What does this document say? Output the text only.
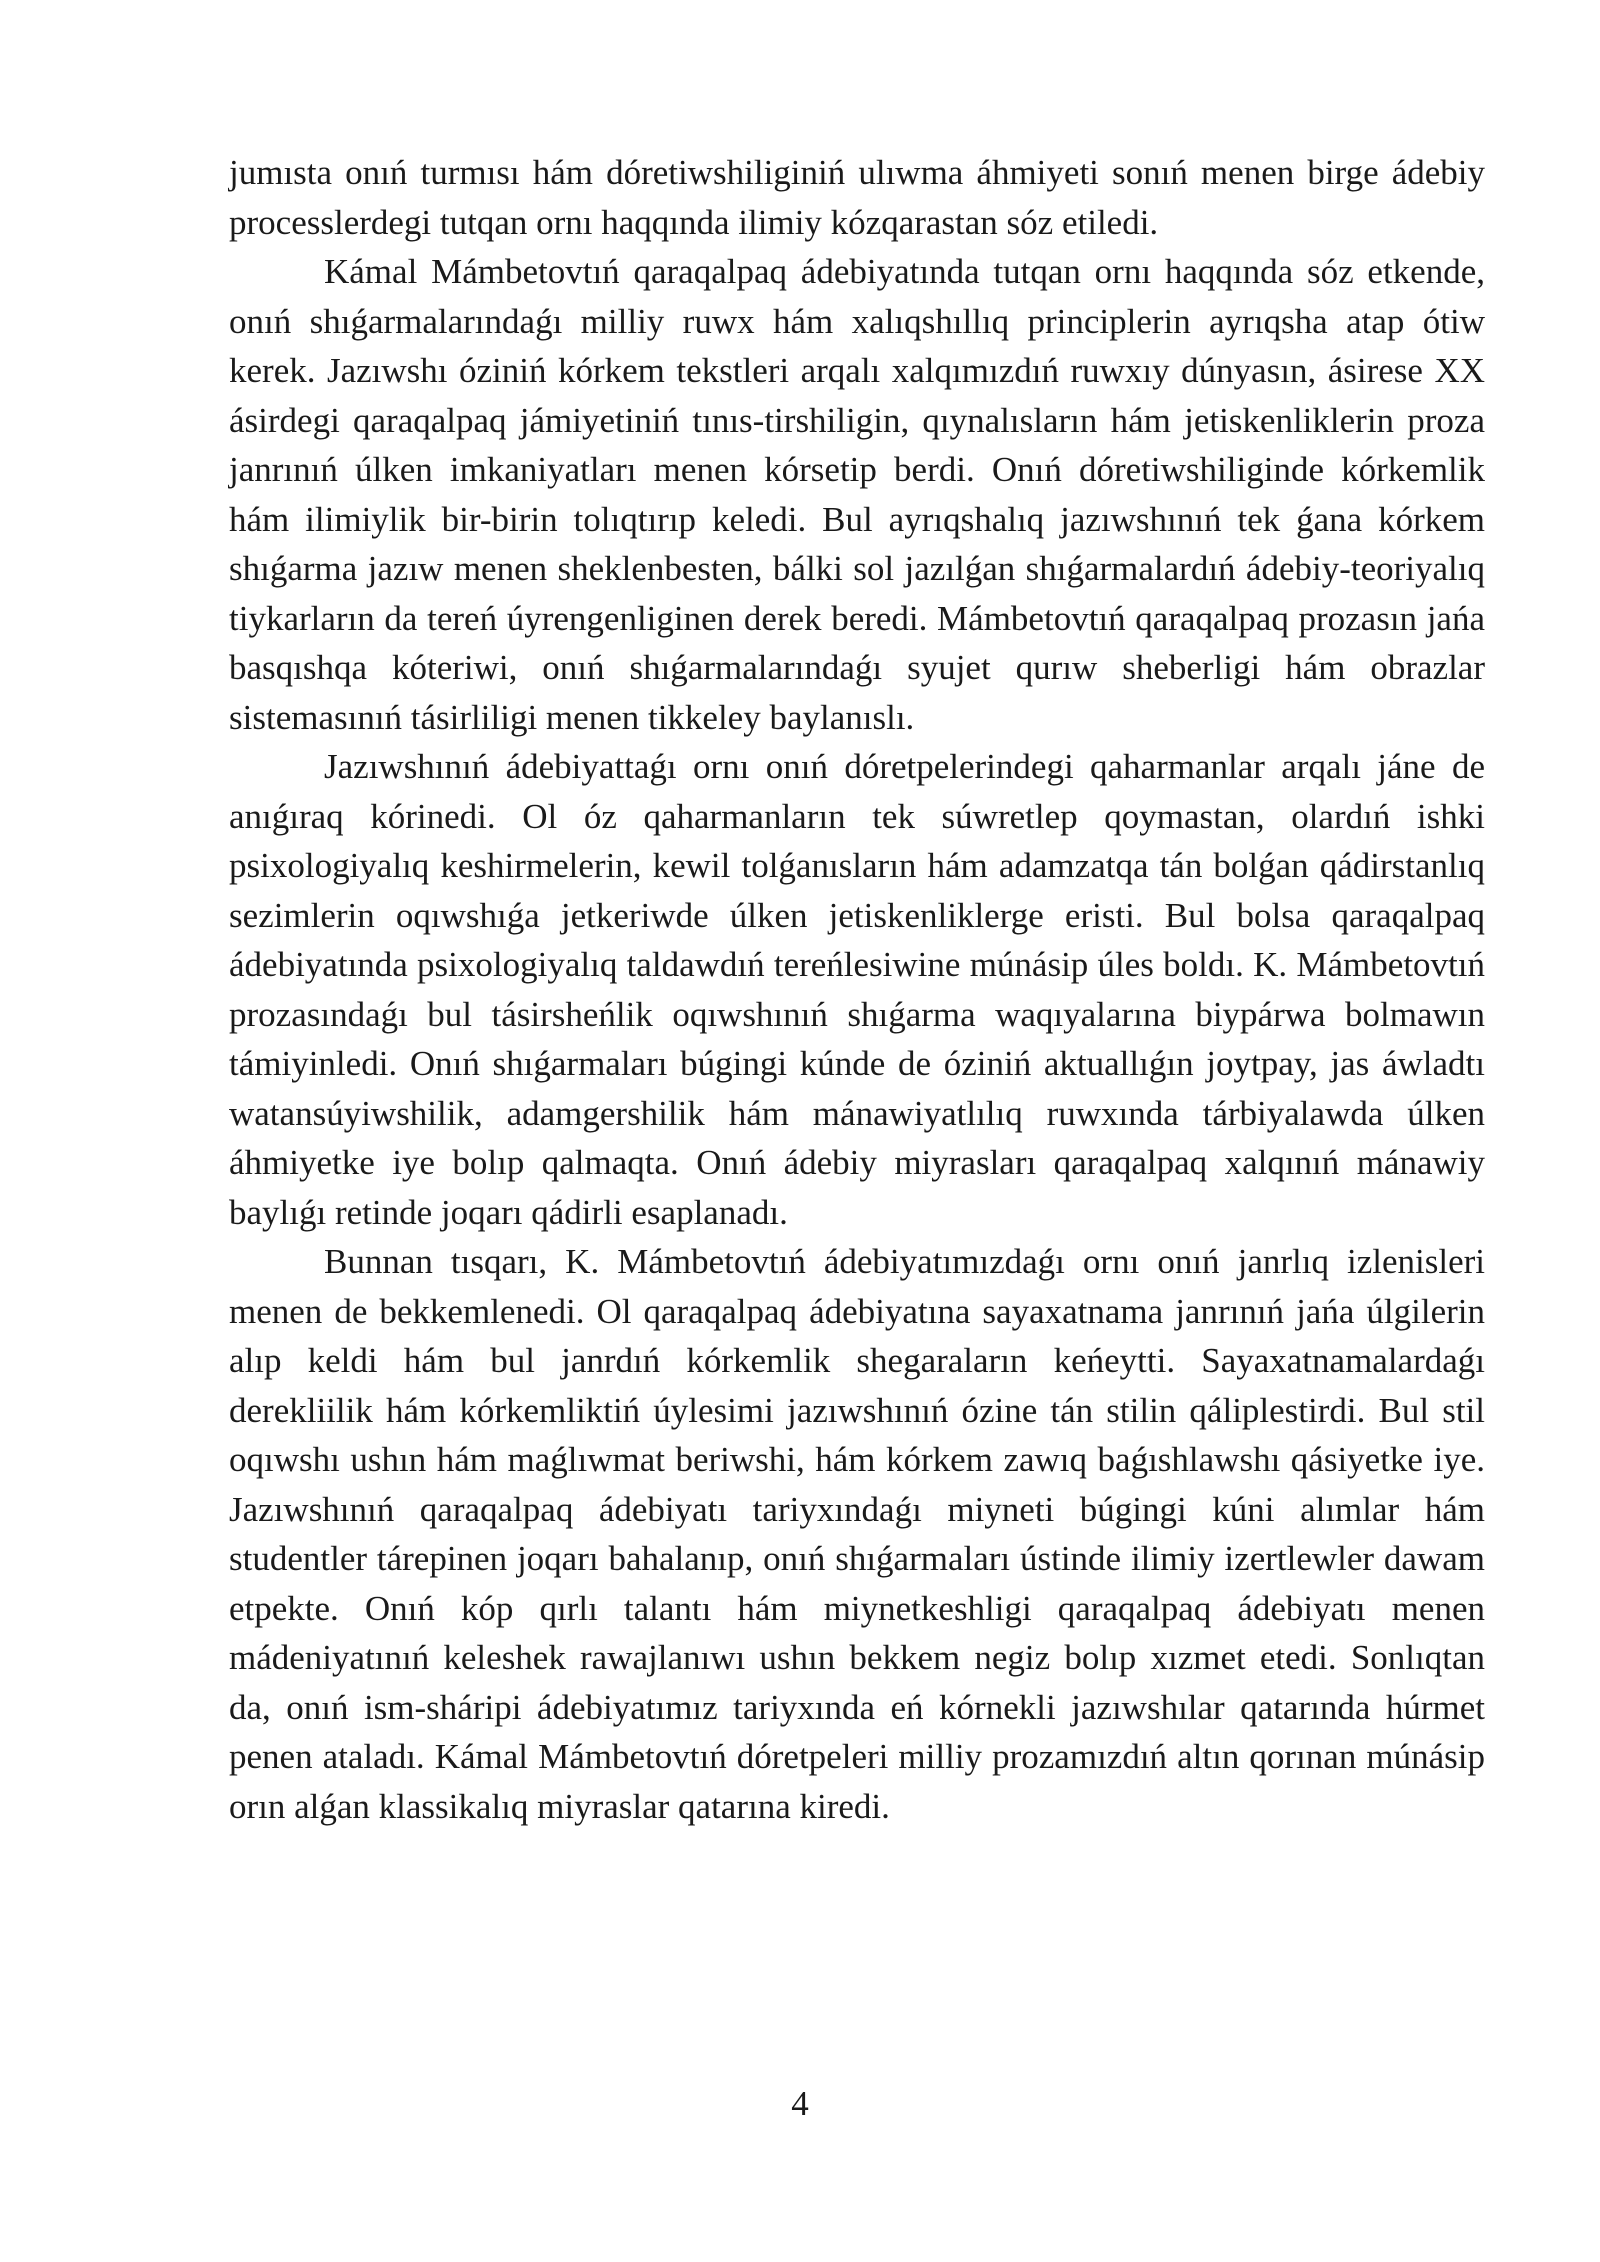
jumısta onıń turmısı hám dóretiwshiliginiń ulıwma áhmiyeti sonıń menen birge ádebiy processlerdegi tutqan ornı haqqında ilimiy kózqarastan sóz etiledi.

Kámal Mámbetovtıń qaraqalpaq ádebiyatında tutqan ornı haqqında sóz etkende, onıń shıǵarmalarındaǵı milliy ruwx hám xalıqshıllıq principlerin ayrıqsha atap ótiw kerek. Jazıwshı óziniń kórkem tekstleri arqalı xalqımızdıń ruwxıy dúnyasın, ásirese XX ásirdegi qaraqalpaq jámiyetiniń tınıs-tirshiligin, qıynalısların hám jetiskenliklerin proza janrınıń úlken imkaniyatları menen kórsetip berdi. Onıń dóretiwshiliginde kórkemlik hám ilimiylik bir-birin tolıqtırıp keledi. Bul ayrıqshalıq jazıwshınıń tek ǵana kórkem shıǵarma jazıw menen sheklenbesten, bálki sol jazılǵan shıǵarmalardıń ádebiy-teoriyalıq tiykarların da tereń úyrengenliginen derek beredi. Mámbetovtıń qaraqalpaq prozasın jańa basqıshqa kóteriwi, onıń shıǵarmalarındaǵı syujet qurıw sheberligi hám obrazlar sistemasınıń tásirliligi menen tikkeley baylanıslı.

Jazıwshınıń ádebiyattaǵı ornı onıń dóretpelerindegi qaharmanlar arqalı jáne de anıǵıraq kórinedi. Ol óz qaharmanların tek súwretlep qoymastan, olardıń ishki psixologiyalıq keshirmelerin, kewil tolǵanısların hám adamzatqa tán bolǵan qádirstanlıq sezimlerin oqıwshıǵa jetkeriwde úlken jetiskenliklerge eristi. Bul bolsa qaraqalpaq ádebiyatında psixologiyalıq taldawdıń tereńlesiwine múnásip úles boldı. K. Mámbetovtıń prozasındaǵı bul tásirsheńlik oqıwshınıń shıǵarma waqıyalarına biypárwa bolmawın támiyinledi. Onıń shıǵarmaları búgingi kúnde de óziniń aktuallıǵın joytpay, jas áwladtı watansúyiwshilik, adamgershilik hám mánawiyatlılıq ruwxında tárbiyalawda úlken áhmiyetke iye bolıp qalmaqta. Onıń ádebiy miyrasları qaraqalpaq xalqınıń mánawiy baylıǵı retinde joqarı qádirli esaplanadı.

Bunnan tısqarı, K. Mámbetovtıń ádebiyatımızdaǵı ornı onıń janrlıq izlenisleri menen de bekkemlenedi. Ol qaraqalpaq ádebiyatına sayaxatnama janrınıń jańa úlgilerin alıp keldi hám bul janrdıń kórkemlik shegaraların keńeytti. Sayaxatnamalardaǵı derekliilik hám kórkemliktiń úylesimi jazıwshınıń ózine tán stilin qáliplestirdi. Bul stil oqıwshı ushın hám maǵlıwmat beriwshi, hám kórkem zawıq baǵıshlawshı qásiyetke iye. Jazıwshınıń qaraqalpaq ádebiyatı tariyxındaǵı miyneti búgingi kúni alımlar hám studentler tárepinen joqarı bahalanıp, onıń shıǵarmaları ústinde ilimiy izertlewler dawam etpekte. Onıń kóp qırlı talantı hám miynetkeshligi qaraqalpaq ádebiyatı menen mádeniyatınıń keleshek rawajlanıwı ushın bekkem negiz bolıp xızmet etedi. Sonlıqtan da, onıń ism-sháripi ádebiyatımız tariyxında eń kórnekli jazıwshılar qatarında húrmet penen ataladı. Kámal Mámbetovtıń dóretpeleri milliy prozamızdıń altın qorınan múnásip orın alǵan klassikalıq miyraslar qatarına kiredi.

4
